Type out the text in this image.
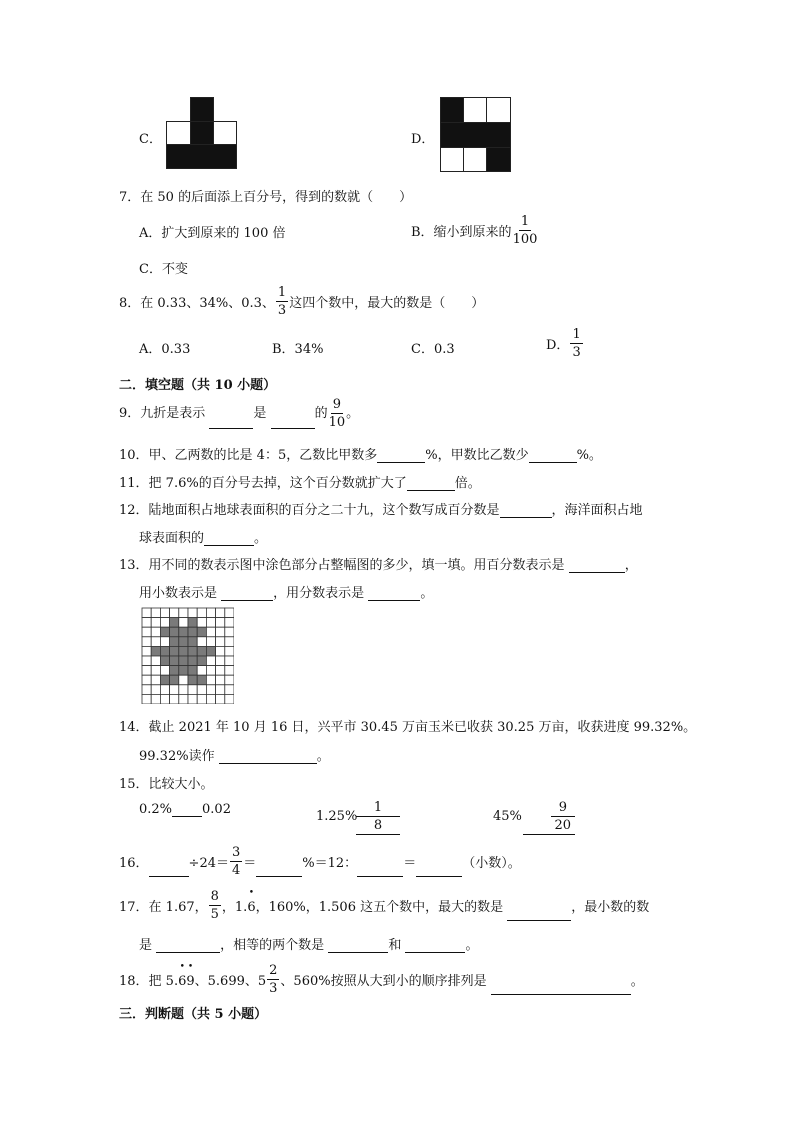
C．	D．
7．在 50 的后面添上百分号，得到的数就（　　）
A．扩大到原来的 100 倍	B．缩小到原来的 $\frac{1}{100}$
C．不变
8．在 0.33、34%、0.3、 $\frac{1}{3}$ 这四个数中，最大的数是（　　）
A．0.33	B．34%	C．0.3	D． $\frac{1}{3}$
二．填空题（共 10 小题）
9．九折是表示	是	的 $\frac{9}{10}$ 。
10．甲、乙两数的比是 4：5，乙数比甲数多	%，甲数比乙数少	%。
11．把 7.6%的百分号去掉，这个百分数就扩大了	倍。
12．陆地面积占地球表面积的百分之二十九，这个数写成百分数是	，海洋面积占地
球表面积的	。
13．用不同的数表示图中涂色部分占整幅图的多少，填一填。用百分数表示是	，
用小数表示是	，用分数表示是	。
14．截止 2021 年 10 月 16 日，兴平市 30.45 万亩玉米已收获 30.25 万亩，收获进度 99.32%。
99.32%读作	。
15．比较大小。
0.2% 0.02	1.25%
1
8
45%
9
20
16．	$\div 24= \frac{3}{4}$ ＝	%＝12：	＝	（小数）。
17．在 1.67， $\frac{8}{5}$ ，1.
•
6 ，160%，1.506 这五个数中，最大的数是	，最小数的数
是	，相等的两个数是	和	。
18．把 5.
•
6
•
9 、5.699、$5 \frac{2}{3}$ 、560%按照从大到小的顺序排列是	。
三．判断题（共 5 小题）
